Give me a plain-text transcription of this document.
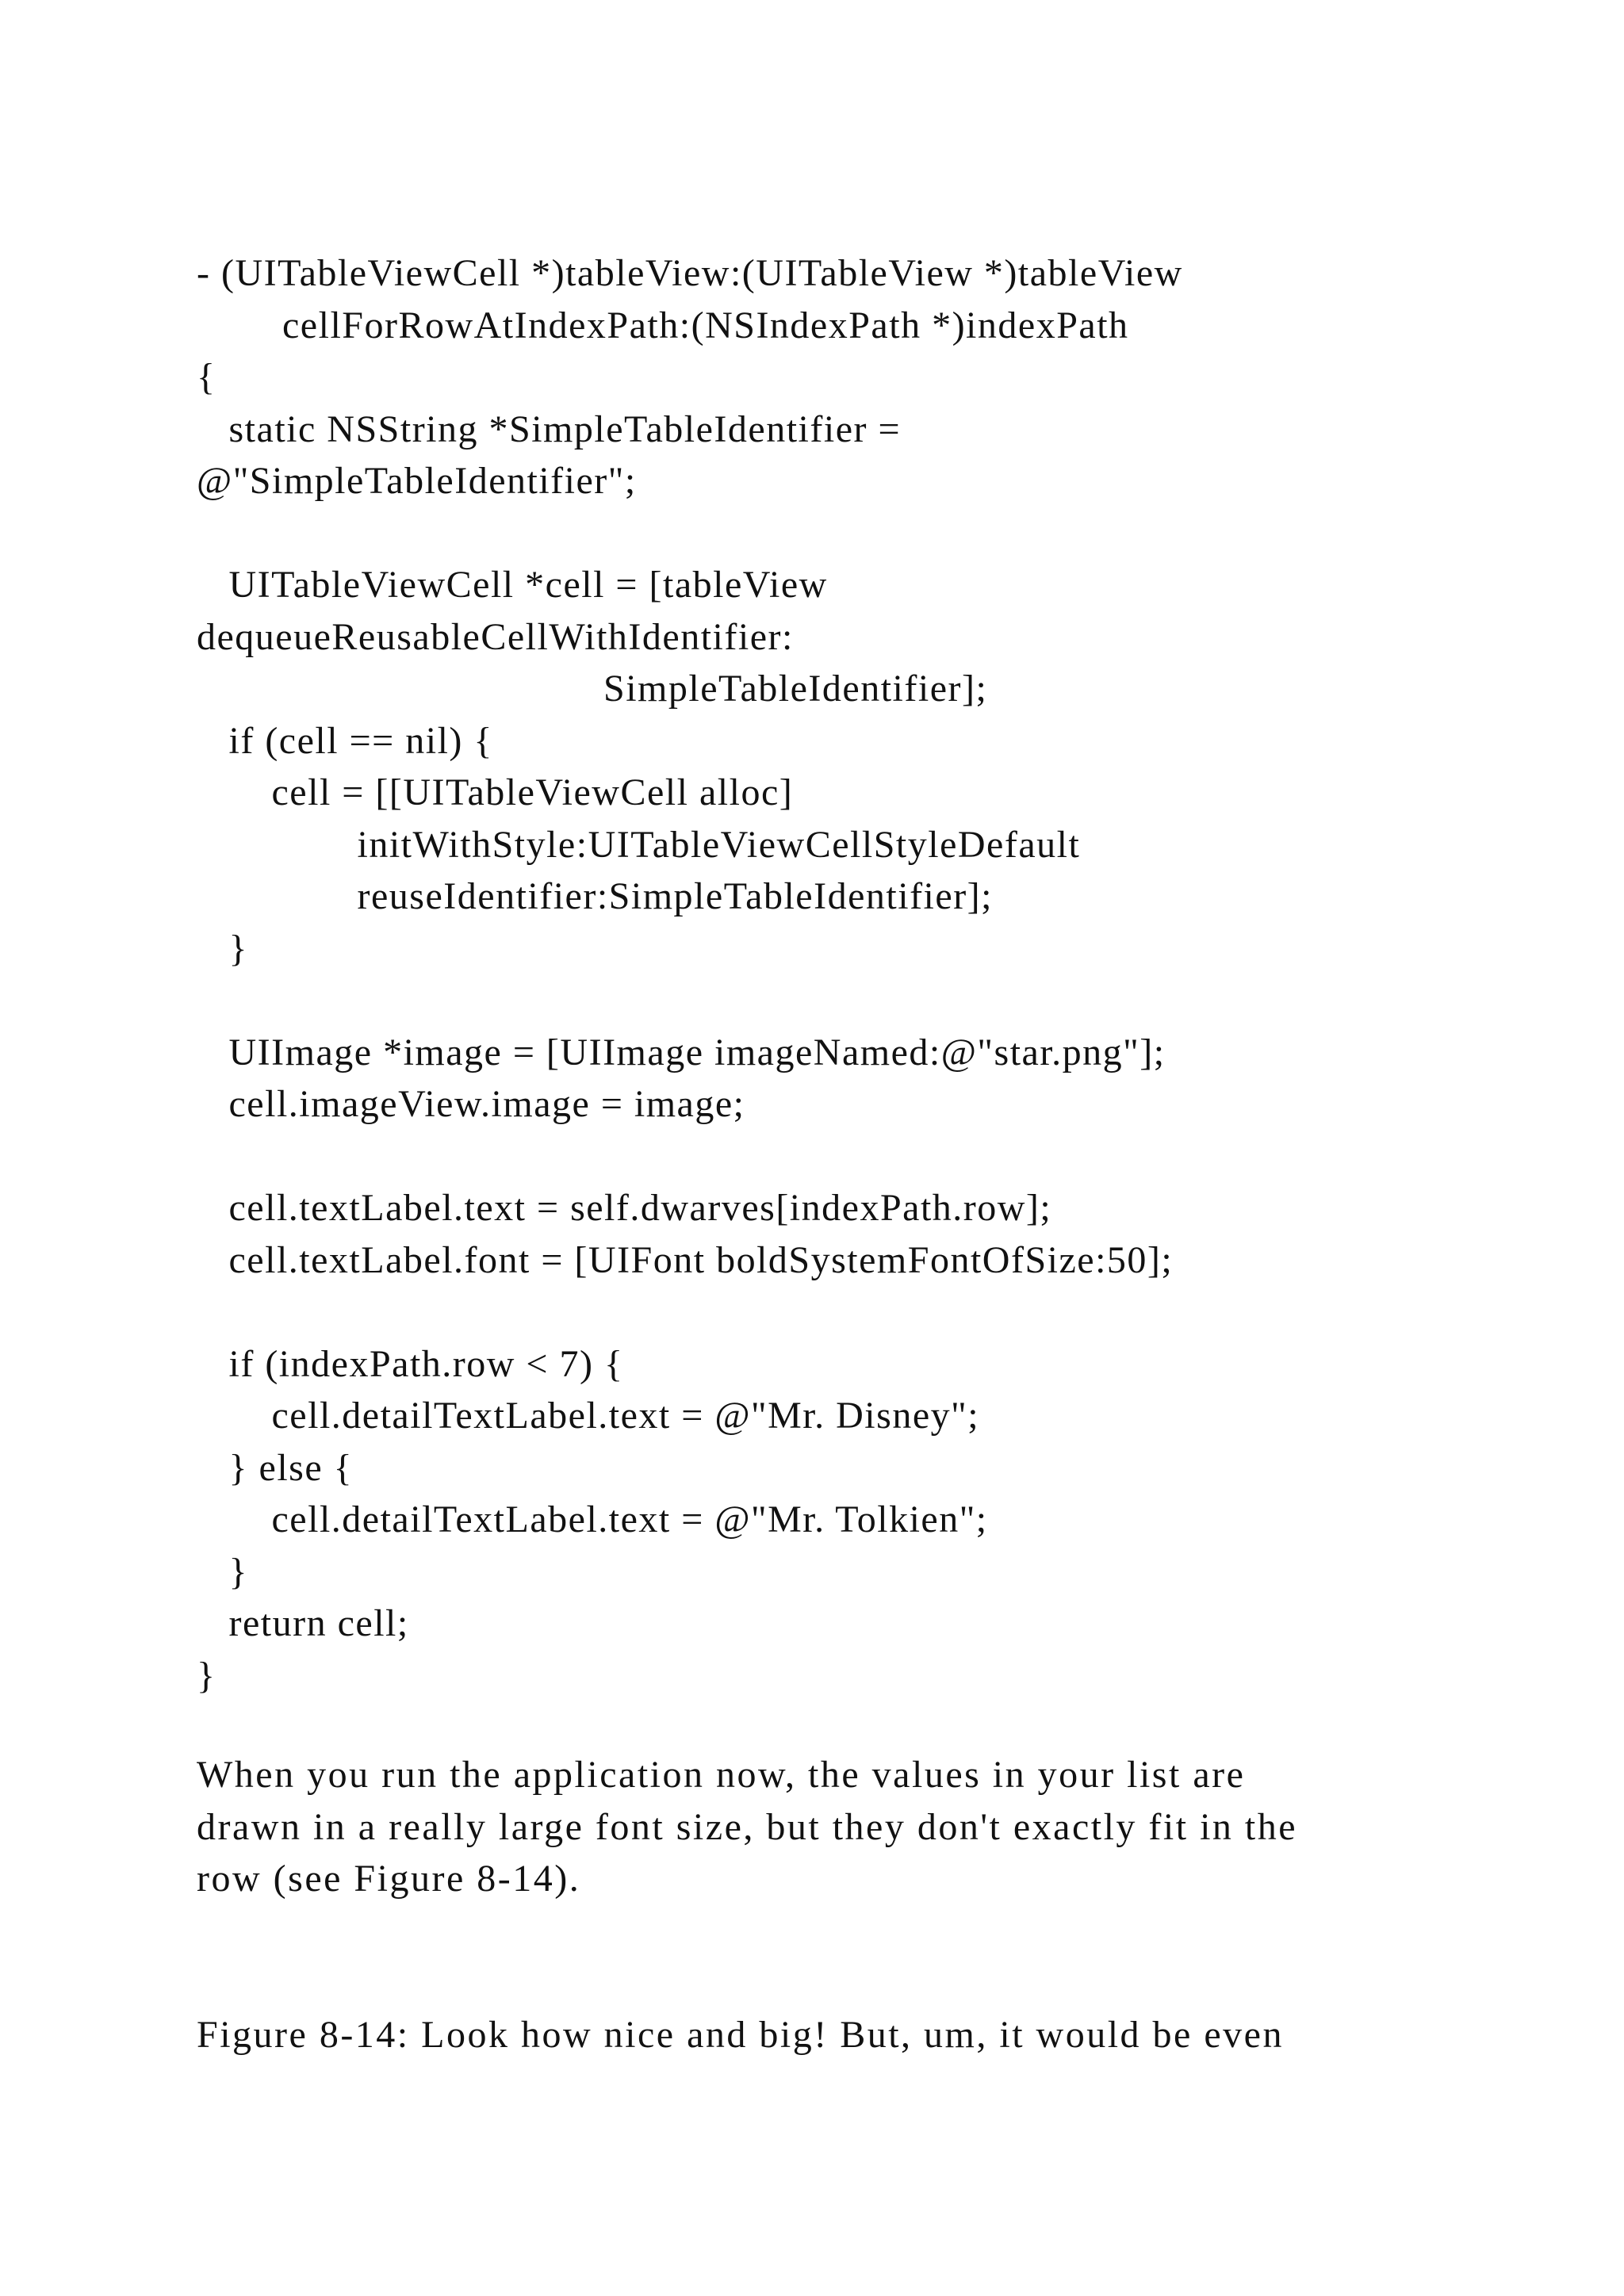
- (UITableViewCell *)tableView:(UITableView *)tableView
cellForRowAtIndexPath:(NSIndexPath *)indexPath
{
static NSString *SimpleTableIdentifier =
@"SimpleTableIdentifier";
UITableViewCell *cell = [tableView
dequeueReusableCellWithIdentifier:
SimpleTableIdentifier];
if (cell == nil) {
cell = [[UITableViewCell alloc]
initWithStyle:UITableViewCellStyleDefault
reuseIdentifier:SimpleTableIdentifier];
}
UIImage *image = [UIImage imageNamed:@"star.png"];
cell.imageView.image = image;
cell.textLabel.text = self.dwarves[indexPath.row];
cell.textLabel.font = [UIFont boldSystemFontOfSize:50];
if (indexPath.row < 7) {
cell.detailTextLabel.text = @"Mr. Disney";
} else {
cell.detailTextLabel.text = @"Mr. Tolkien";
}
return cell;
}
When you run the application now, the values in your list are
drawn in a really large font size, but they don't exactly fit in the
row (see Figure 8-14).
Figure 8-14: Look how nice and big! But, um, it would be even
